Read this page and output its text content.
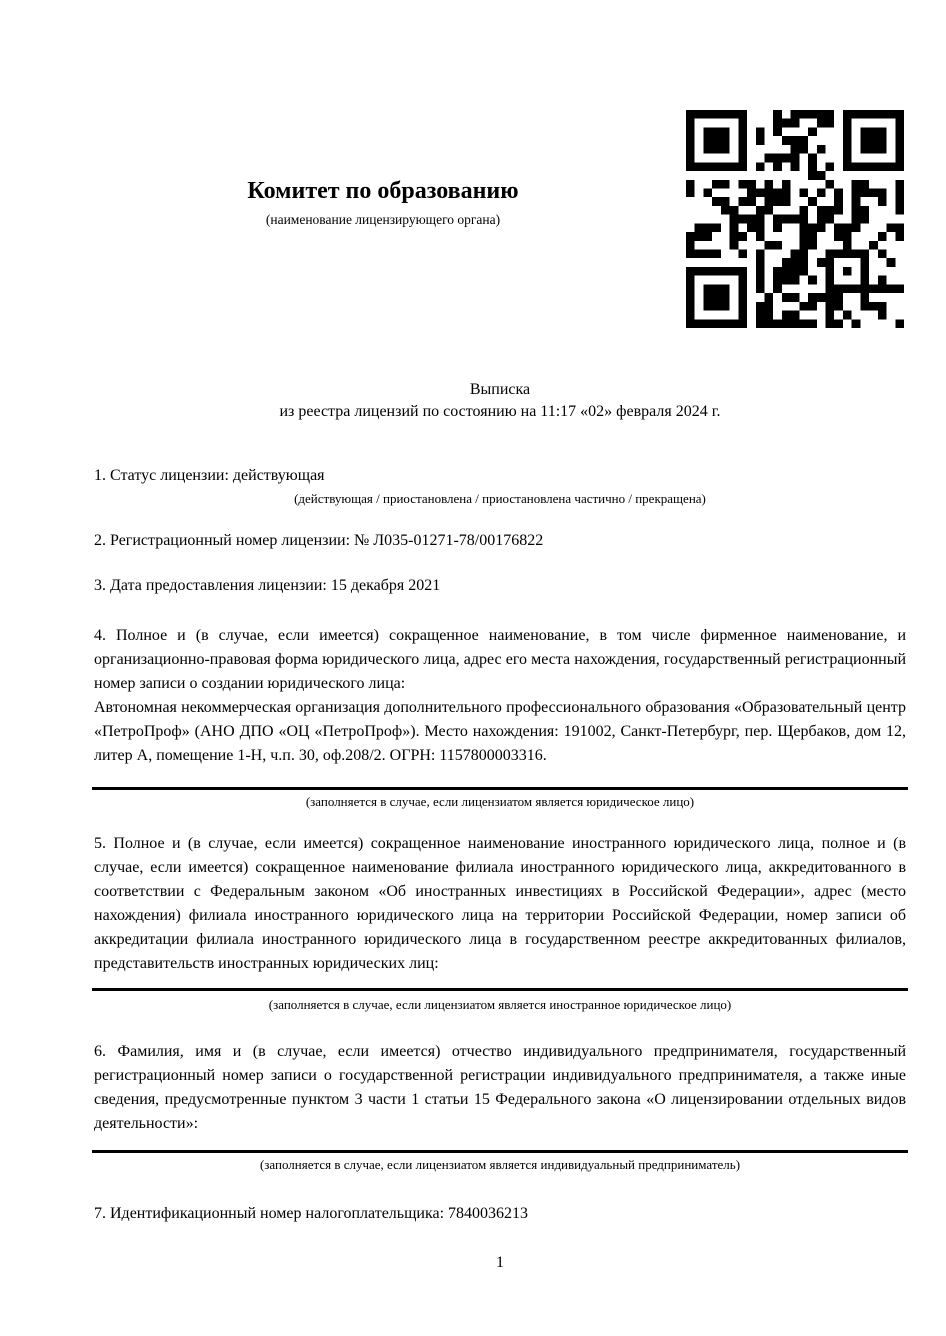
Комитет по образованию
(наименование лицензирующего органа)
Выписка
из реестра лицензий по состоянию на 11:17 «02» февраля 2024 г.
1. Статус лицензии: действующая
(действующая / приостановлена / приостановлена частично / прекращена)
2. Регистрационный номер лицензии: № Л035-01271-78/00176822
3. Дата предоставления лицензии: 15 декабря 2021
4. Полное и (в случае, если имеется) сокращенное наименование, в том числе фирменное наименование, и организационно-правовая форма юридического лица, адрес его места нахождения, государственный регистрационный номер записи о создании юридического лица:
Автономная некоммерческая организация дополнительного профессионального образования «Образовательный центр «ПетроПроф» (АНО ДПО «ОЦ «ПетроПроф»). Место нахождения: 191002, Санкт-Петербург, пер. Щербаков, дом 12, литер А, помещение 1-Н, ч.п. 30, оф.208/2. ОГРН: 1157800003316.
(заполняется в случае, если лицензиатом является юридическое лицо)
5. Полное и (в случае, если имеется) сокращенное наименование иностранного юридического лица, полное и (в случае, если имеется) сокращенное наименование филиала иностранного юридического лица, аккредитованного в соответствии с Федеральным законом «Об иностранных инвестициях в Российской Федерации», адрес (место нахождения) филиала иностранного юридического лица на территории Российской Федерации, номер записи об аккредитации филиала иностранного юридического лица в государственном реестре аккредитованных филиалов, представительств иностранных юридических лиц:
(заполняется в случае, если лицензиатом является иностранное юридическое лицо)
6. Фамилия, имя и (в случае, если имеется) отчество индивидуального предпринимателя, государственный регистрационный номер записи о государственной регистрации индивидуального предпринимателя, а также иные сведения, предусмотренные пунктом 3 части 1 статьи 15 Федерального закона «О лицензировании отдельных видов деятельности»:
(заполняется в случае, если лицензиатом является индивидуальный предприниматель)
7. Идентификационный номер налогоплательщика: 7840036213
1
